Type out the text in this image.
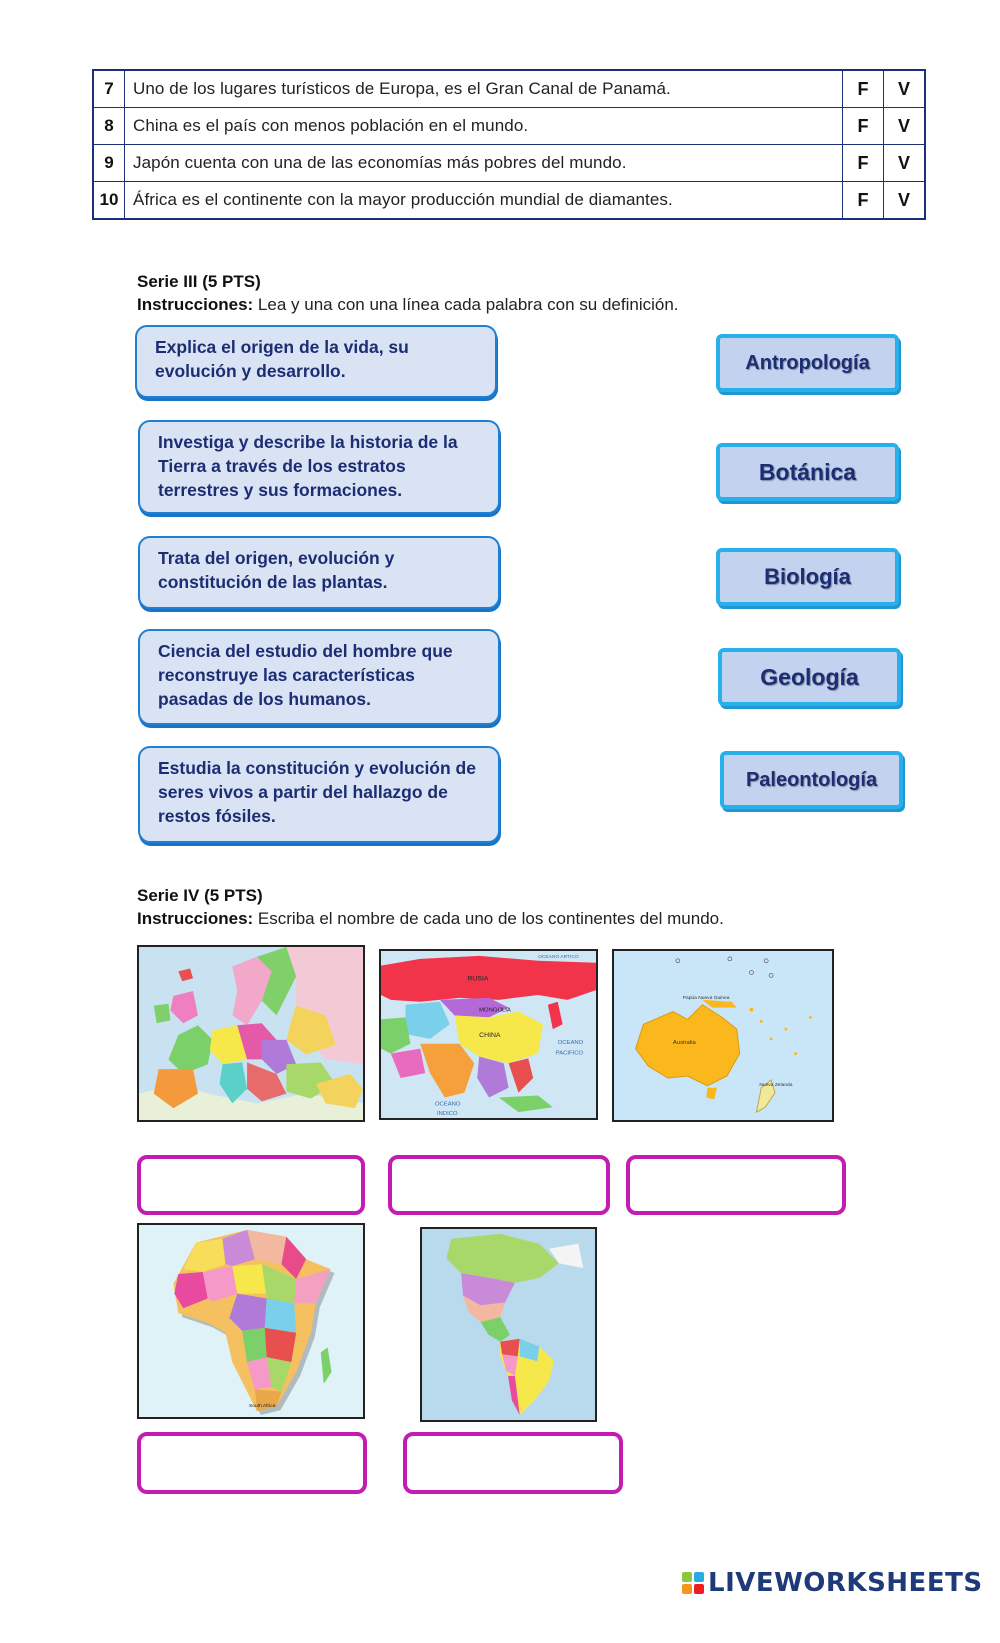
7	Uno de los lugares turísticos de Europa, es el Gran Canal de Panamá.	F	V
8	China es el país con menos población en el mundo.	F	V
9	Japón cuenta con una de las economías más pobres del mundo.	F	V
10	África es el continente con la mayor producción mundial de diamantes.	F	V
Serie III (5 PTS)
Instrucciones: Lea y una con una línea cada palabra con su definición.
Explica el origen de la vida, su evolución y desarrollo.
Investiga y describe la historia de la Tierra a través de los estratos terrestres y sus formaciones.
Trata del origen, evolución y constitución de las plantas.
Ciencia del estudio del hombre que reconstruye las características pasadas de los humanos.
Estudia la constitución y evolución de seres vivos a partir del hallazgo de restos fósiles.
Antropología
Botánica
Biología
Geología
Paleontología
Serie IV (5 PTS)
Instrucciones: Escriba el nombre de cada uno de los continentes del mundo.
RUSIA
MONGOLIA
CHINA
OCEANO ARTICO
OCEANO
PACIFICO
OCEANO
INDICO
Australia
Nueva Zelanda
Papúa Nueva Guinea
South Africa
LIVEWORKSHEETS
